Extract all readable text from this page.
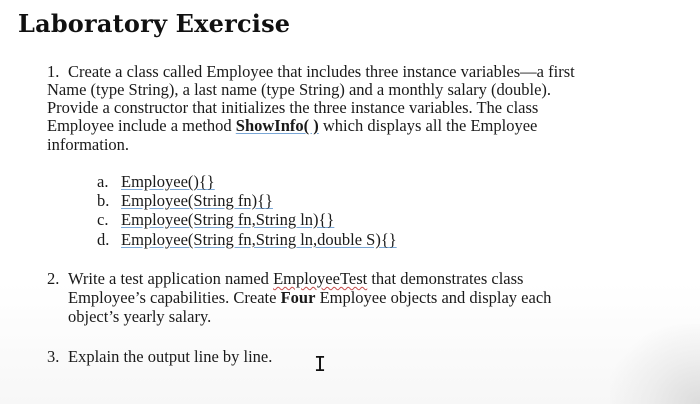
Laboratory Exercise
1. Create a class called Employee that includes three instance variables—a first
Name (type String), a last name (type String) and a monthly salary (double).
Provide a constructor that initializes the three instance variables. The class
Employee include a method ShowInfo( ) which displays all the Employee
information.
a. Employee(){}
b. Employee(String fn){}
c. Employee(String fn,String ln){}
d. Employee(String fn,String ln,double S){}
2. Write a test application named EmployeeTest that demonstrates class
Employee’s capabilities. Create Four Employee objects and display each
object’s yearly salary.
3. Explain the output line by line. I
